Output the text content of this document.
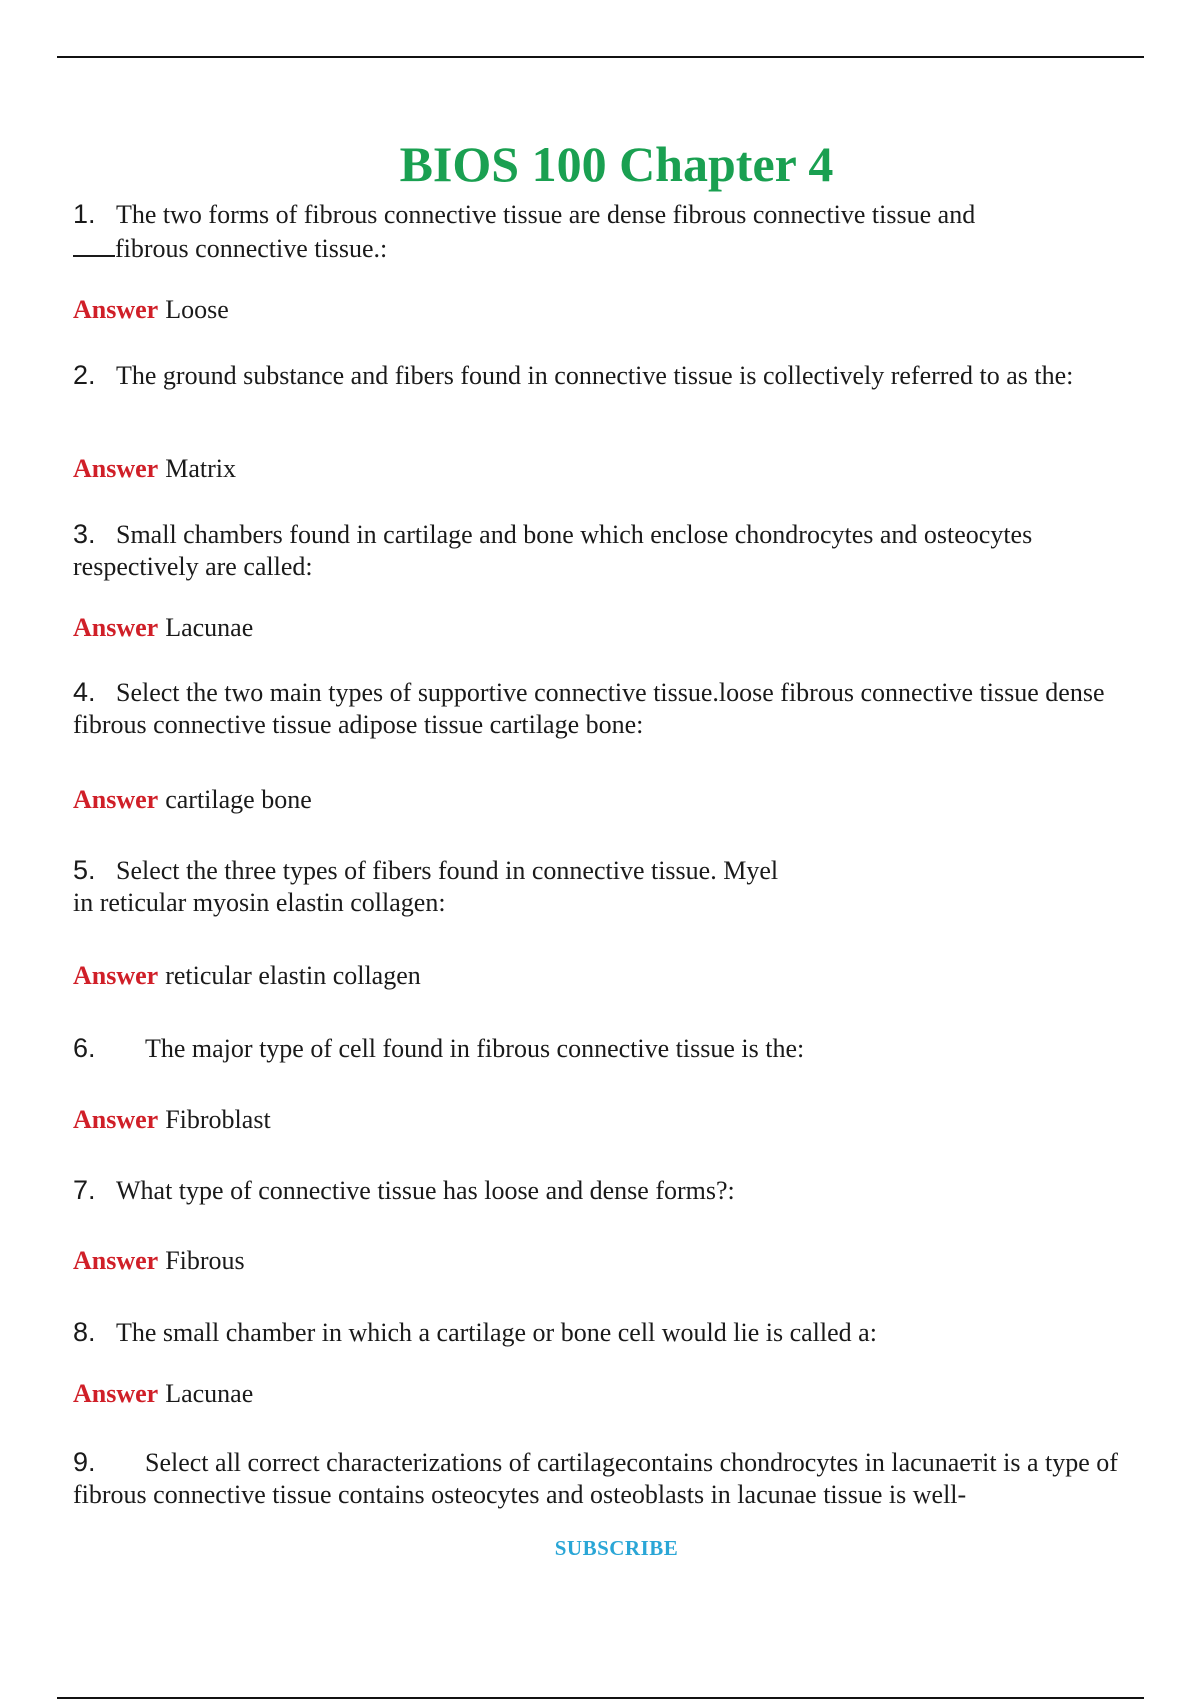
BIOS 100 Chapter 4

1. The two forms of fibrous connective tissue are dense fibrous connective tissue and
fibrous connective tissue.:

Answer Loose

2. The ground substance and fibers found in connective tissue is collectively referred to as the:

Answer Matrix

3. Small chambers found in cartilage and bone which enclose chondrocytes and osteocytes respectively are called:

Answer Lacunae

4. Select the two main types of supportive connective tissue.loose fibrous connective tissue dense fibrous connective tissue adipose tissue cartilage bone:

Answer cartilage bone

5. Select the three types of fibers found in connective tissue. Myel
in reticular myosin elastin collagen:

Answer reticular elastin collagen

6. The major type of cell found in fibrous connective tissue is the:

Answer Fibroblast

7. What type of connective tissue has loose and dense forms?:

Answer Fibrous

8. The small chamber in which a cartilage or bone cell would lie is called a:

Answer Lacunae

9. Select all correct characterizations of cartilagecontains chondrocytes in lacunaeтit is a type of fibrous connective tissue contains osteocytes and osteoblasts in lacunae tissue is well-

SUBSCRIBE
